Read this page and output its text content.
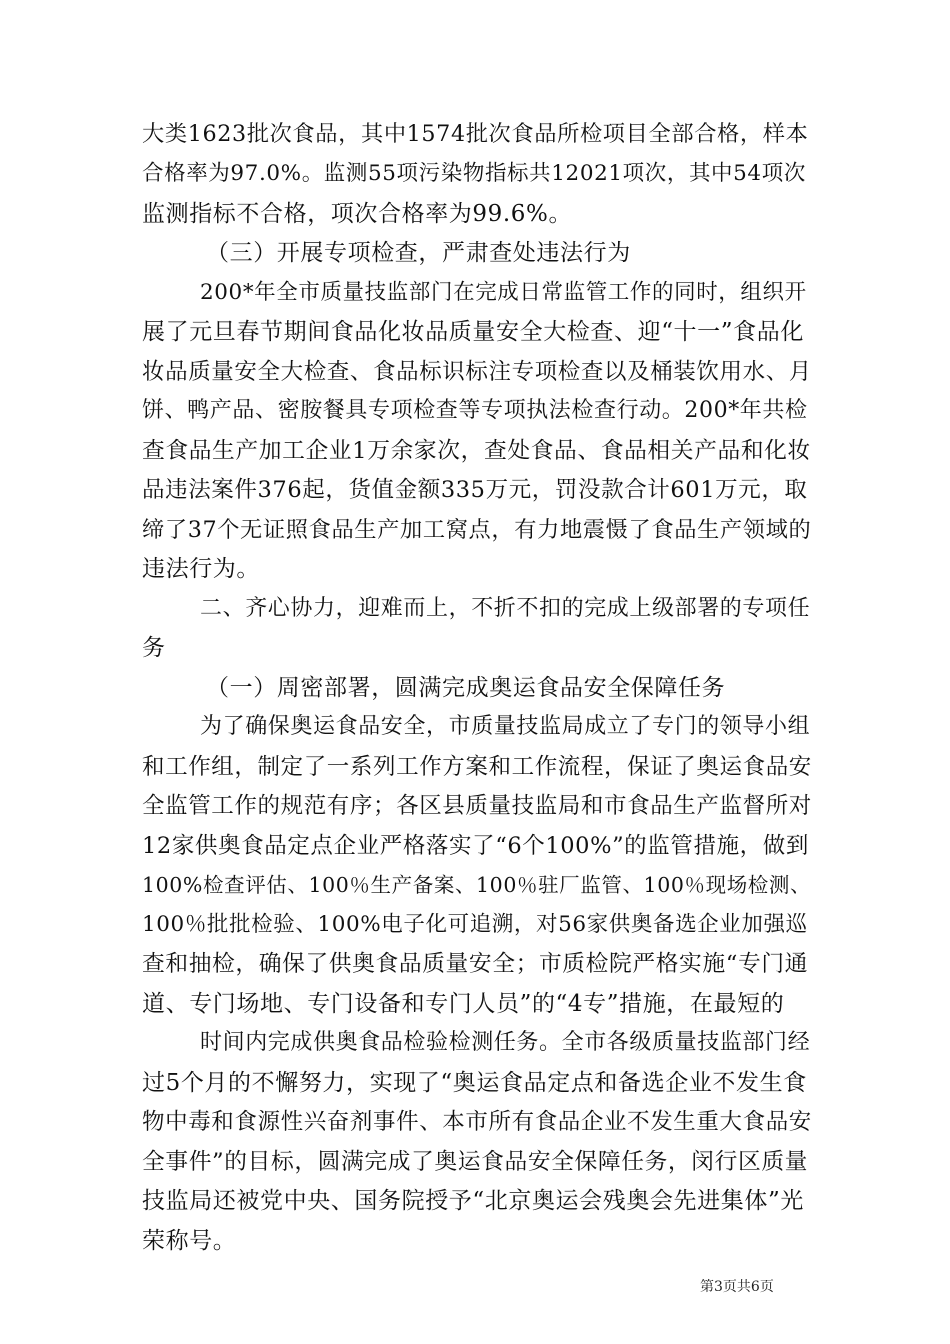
大类1623批次食品，其中1574批次食品所检项目全部合格，样本
合格率为97.0%。监测55项污染物指标共12021项次，其中54项次
监测指标不合格，项次合格率为99.6%。
（三）开展专项检查，严肃查处违法行为
200*年全市质量技监部门在完成日常监管工作的同时，组织开
展了元旦春节期间食品化妆品质量安全大检查、迎“十一”食品化
妆品质量安全大检查、食品标识标注专项检查以及桶装饮用水、月
饼、鸭产品、密胺餐具专项检查等专项执法检查行动。200*年共检
查食品生产加工企业1万余家次，查处食品、食品相关产品和化妆
品违法案件376起，货值金额335万元，罚没款合计601万元，取
缔了37个无证照食品生产加工窝点，有力地震慑了食品生产领域的
违法行为。
二、齐心协力，迎难而上，不折不扣的完成上级部署的专项任
务
（一）周密部署，圆满完成奥运食品安全保障任务
为了确保奥运食品安全，市质量技监局成立了专门的领导小组
和工作组，制定了一系列工作方案和工作流程，保证了奥运食品安
全监管工作的规范有序；各区县质量技监局和市食品生产监督所对
12家供奥食品定点企业严格落实了“6个100%”的监管措施，做到
100%检查评估、100％生产备案、100％驻厂监管、100％现场检测、
100％批批检验、100%电子化可追溯，对56家供奥备选企业加强巡
查和抽检，确保了供奥食品质量安全；市质检院严格实施“专门通
道、专门场地、专门设备和专门人员”的“4专”措施，在最短的
时间内完成供奥食品检验检测任务。全市各级质量技监部门经
过5个月的不懈努力，实现了“奥运食品定点和备选企业不发生食
物中毒和食源性兴奋剂事件、本市所有食品企业不发生重大食品安
全事件”的目标，圆满完成了奥运食品安全保障任务，闵行区质量
技监局还被党中央、国务院授予“北京奥运会残奥会先进集体”光
荣称号。
第3页共6页
